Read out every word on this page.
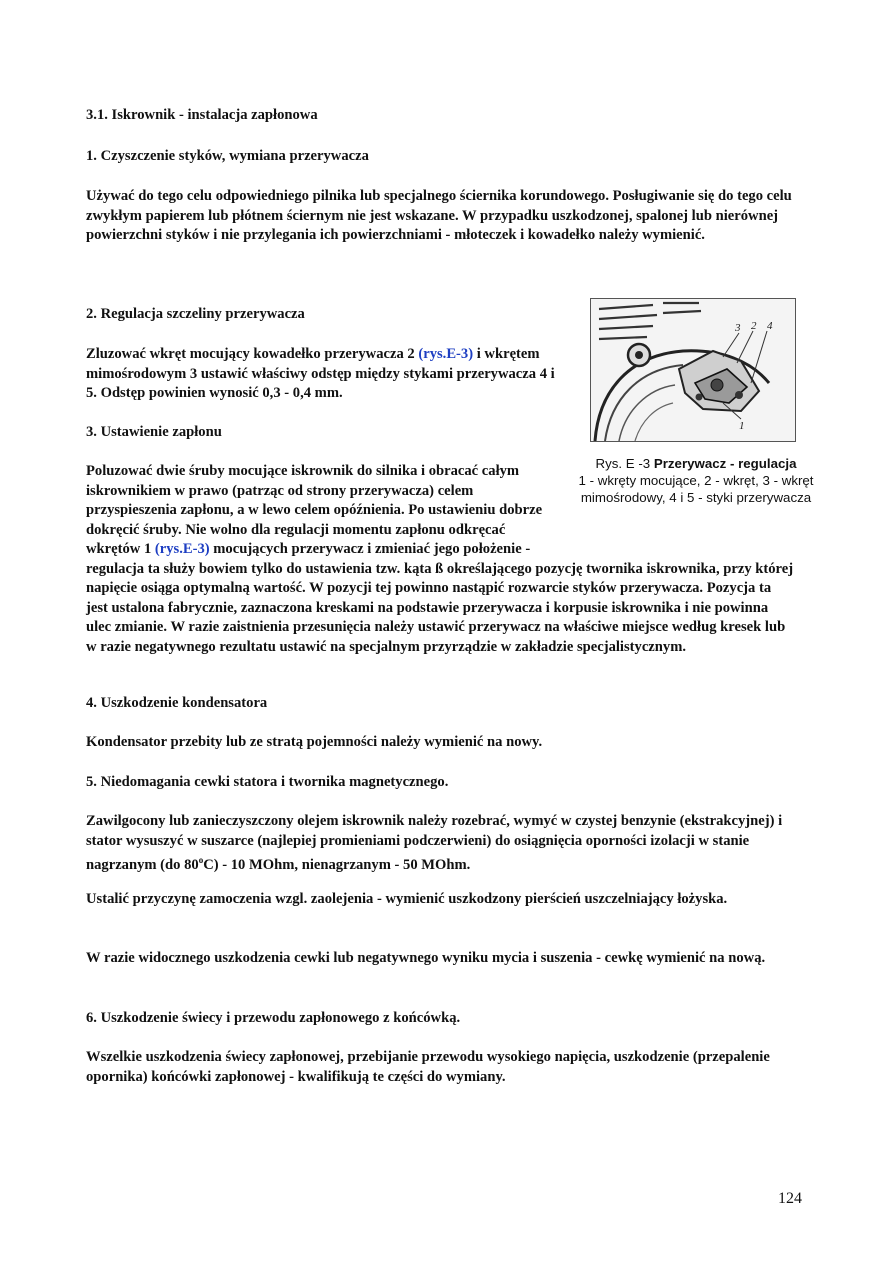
3.1. Iskrownik - instalacja zapłonowa

1. Czyszczenie styków, wymiana przerywacza

Używać do tego celu odpowiedniego pilnika lub specjalnego ściernika korundowego. Posługiwanie się do tego celu zwykłym papierem lub płótnem ściernym nie jest wskazane. W przypadku uszkodzonej, spalonej lub nierównej powierzchni styków i nie przylegania ich powierzchniami - młoteczek i kowadełko należy wymienić.

2. Regulacja szczeliny przerywacza

Zluzować wkręt mocujący kowadełko przerywacza 2 (rys.E-3) i wkrętem mimośrodowym 3 ustawić właściwy odstęp między stykami przerywacza 4 i 5. Odstęp powinien wynosić 0,3 - 0,4 mm.

3. Ustawienie zapłonu

Poluzować dwie śruby mocujące iskrownik do silnika i obracać całym iskrownikiem w prawo (patrząc od strony przerywacza) celem przyspieszenia zapłonu, a w lewo celem opóźnienia. Po ustawieniu dobrze dokręcić śruby. Nie wolno dla regulacji momentu zapłonu odkręcać wkrętów 1 (rys.E-3) mocujących przerywacz i zmieniać jego położenie - regulacja ta służy bowiem tylko do ustawienia tzw. kąta ß określającego pozycję twornika iskrownika, przy której napięcie osiąga optymalną wartość. W pozycji tej powinno nastąpić rozwarcie styków przerywacza. Pozycja ta jest ustalona fabrycznie, zaznaczona kreskami na podstawie przerywacza i korpusie iskrownika i nie powinna ulec zmianie. W razie zaistnienia przesunięcia należy ustawić przerywacz na właściwe miejsce według kresek lub w razie negatywnego rezultatu ustawić na specjalnym przyrządzie w zakładzie specjalistycznym.

4. Uszkodzenie kondensatora

Kondensator przebity lub ze stratą pojemności należy wymienić na nowy.

5. Niedomagania cewki statora i twornika magnetycznego.

Zawilgocony lub zanieczyszczony olejem iskrownik należy rozebrać, wymyć w czystej benzynie (ekstrakcyjnej) i stator wysuszyć w suszarce (najlepiej promieniami podczerwieni) do osiągnięcia oporności izolacji w stanie nagrzanym (do 80$^o$C) - 10 MOhm, nienagrzanym - 50 MOhm.

Ustalić przyczynę zamoczenia wzgl. zaolejenia - wymienić uszkodzony pierścień uszczelniający łożyska.

W razie widocznego uszkodzenia cewki lub negatywnego wyniku mycia i suszenia - cewkę wymienić na nową.

6. Uszkodzenie świecy i przewodu zapłonowego z końcówką.

Wszelkie uszkodzenia świecy zapłonowej, przebijanie przewodu wysokiego napięcia, uszkodzenie (przepalenie opornika) końcówki zapłonowej - kwalifikują te części do wymiany.

3 2 4
1
Rys. E -3 Przerywacz - regulacja
1 - wkręty mocujące, 2 - wkręt, 3 - wkręt mimośrodowy, 4 i 5 - styki przerywacza
124
